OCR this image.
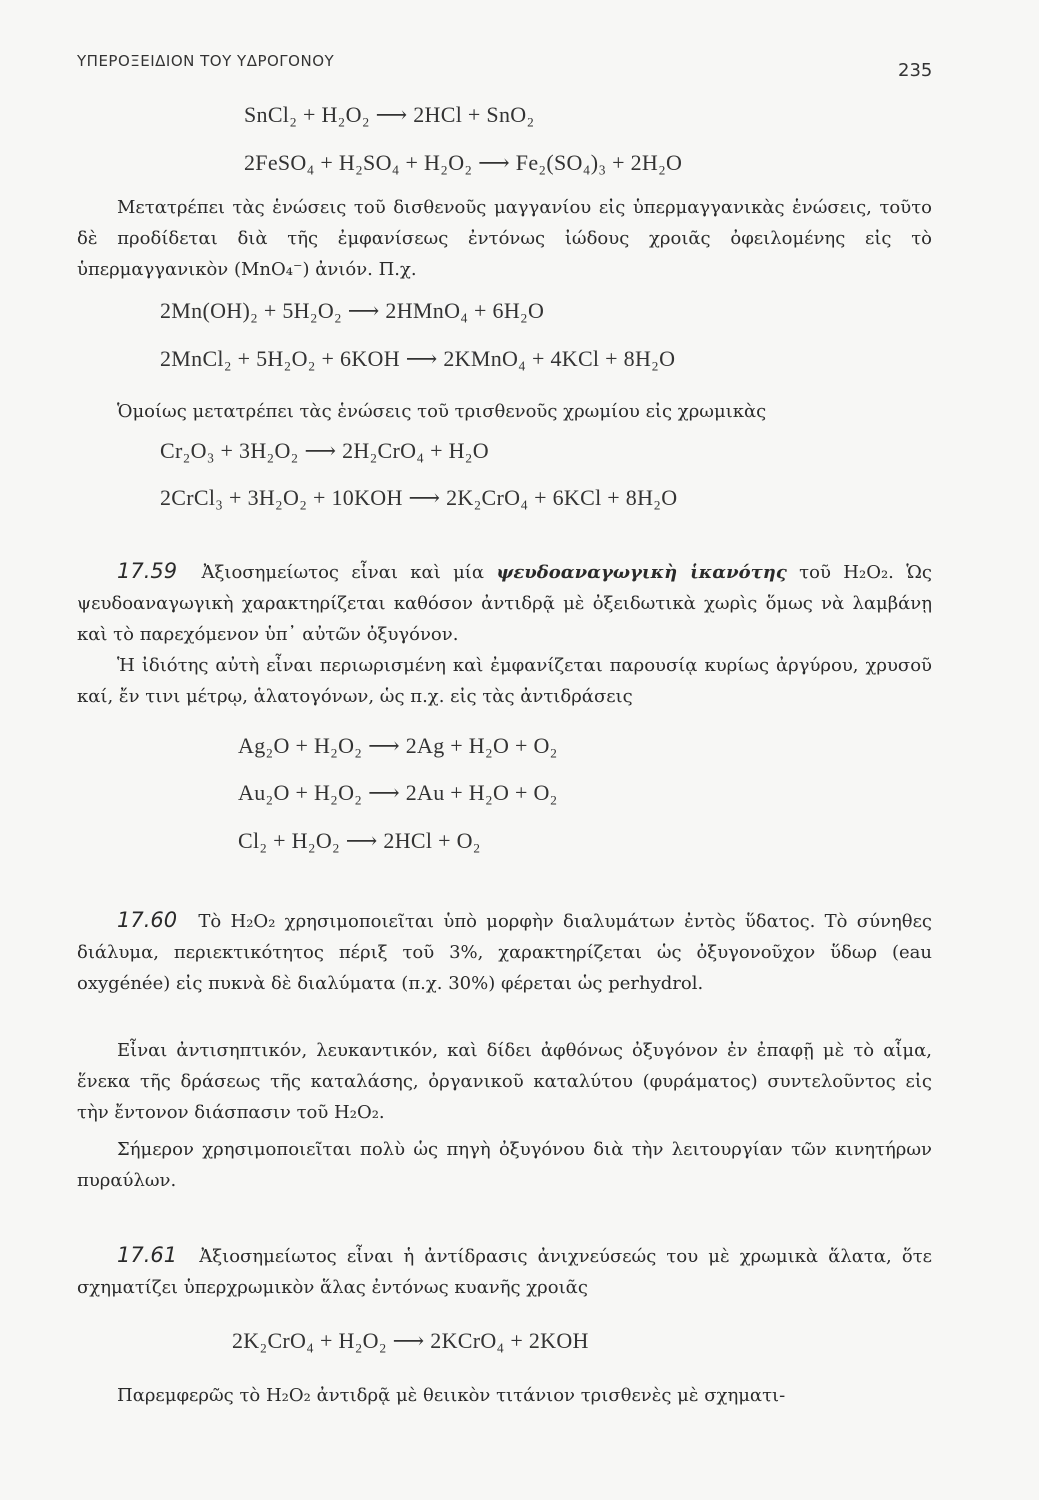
ΥΠΕΡΟΞΕΙΔΙΟΝ ΤΟΥ ΥΔΡΟΓΟΝΟΥ	235
SnCl₂ + H₂O₂ ⟶ 2HCl + SnO₂
2FeSO₄ + H₂SO₄ + H₂O₂ ⟶ Fe₂(SO₄)₃ + 2H₂O

Μετατρέπει τὰς ἑνώσεις τοῦ δισθενοῦς μαγγανίου εἰς ὑπερμαγγανικὰς ἑνώσεις, τοῦτο δὲ προδίδεται διὰ τῆς ἐμφανίσεως ἐντόνως ἰώδους χροιᾶς ὀφειλομένης εἰς τὸ ὑπερμαγγανικὸν (MnO₄⁻) ἀνιόν. Π.χ.

2Mn(OH)₂ + 5H₂O₂ ⟶ 2HMnO₄ + 6H₂O
2MnCl₂ + 5H₂O₂ + 6KOH ⟶ 2KMnO₄ + 4KCl + 8H₂O

Ὁμοίως μετατρέπει τὰς ἑνώσεις τοῦ τρισθενοῦς χρωμίου εἰς χρωμικὰς

Cr₂O₃ + 3H₂O₂ ⟶ 2H₂CrO₄ + H₂O
2CrCl₃ + 3H₂O₂ + 10KOH ⟶ 2K₂CrO₄ + 6KCl + 8H₂O

17.59 Ἀξιοσημείωτος εἶναι καὶ μία ψευδοαναγωγικὴ ἱκανότης τοῦ H₂O₂. Ὡς ψευδοαναγωγικὴ χαρακτηρίζεται καθόσον ἀντιδρᾷ μὲ ὀξειδωτικὰ χωρὶς ὅμως νὰ λαμβάνῃ καὶ τὸ παρεχόμενον ὑπ᾽ αὐτῶν ὀξυγόνον.

Ἡ ἰδιότης αὐτὴ εἶναι περιωρισμένη καὶ ἐμφανίζεται παρουσίᾳ κυρίως ἀργύρου, χρυσοῦ καί, ἔν τινι μέτρῳ, ἁλατογόνων, ὡς π.χ. εἰς τὰς ἀντιδράσεις

Ag₂O + H₂O₂ ⟶ 2Ag + H₂O + O₂
Au₂O + H₂O₂ ⟶ 2Au + H₂O + O₂
Cl₂ + H₂O₂ ⟶ 2HCl + O₂

17.60 Τὸ H₂O₂ χρησιμοποιεῖται ὑπὸ μορφὴν διαλυμάτων ἐντὸς ὕδατος. Τὸ σύνηθες διάλυμα, περιεκτικότητος πέριξ τοῦ 3%, χαρακτηρίζεται ὡς ὀξυγονοῦχον ὕδωρ (eau oxygénée) εἰς πυκνὰ δὲ διαλύματα (π.χ. 30%) φέρεται ὡς perhydrol.

Εἶναι ἀντισηπτικόν, λευκαντικόν, καὶ δίδει ἀφθόνως ὀξυγόνον ἐν ἐπαφῇ μὲ τὸ αἷμα, ἕνεκα τῆς δράσεως τῆς καταλάσης, ὀργανικοῦ καταλύτου (φυράματος) συντελοῦντος εἰς τὴν ἔντονον διάσπασιν τοῦ H₂O₂.

Σήμερον χρησιμοποιεῖται πολὺ ὡς πηγὴ ὀξυγόνου διὰ τὴν λειτουργίαν τῶν κινητήρων πυραύλων.

17.61 Ἀξιοσημείωτος εἶναι ἡ ἀντίδρασις ἀνιχνεύσεώς του μὲ χρωμικὰ ἅλατα, ὅτε σχηματίζει ὑπερχρωμικὸν ἅλας ἐντόνως κυανῆς χροιᾶς

2K₂CrO₄ + H₂O₂ ⟶ 2KCrO₄ + 2KOH

Παρεμφερῶς τὸ H₂O₂ ἀντιδρᾷ μὲ θειικὸν τιτάνιον τρισθενὲς μὲ σχηματι-
